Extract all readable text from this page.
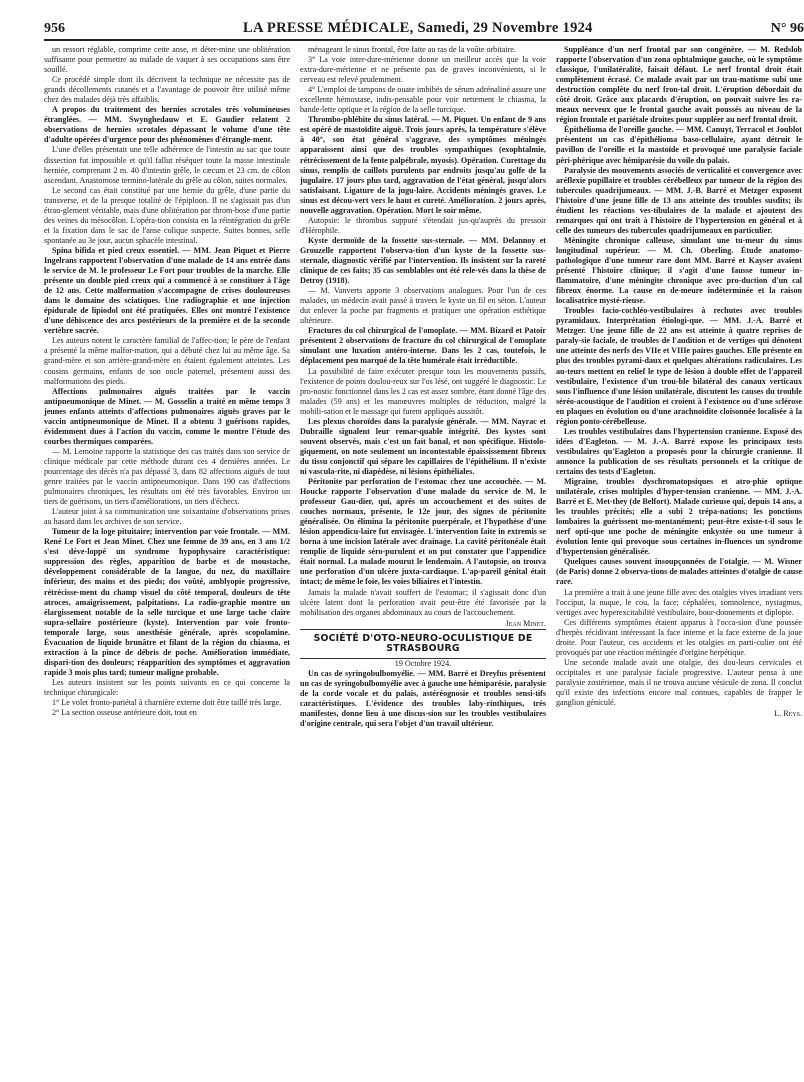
956	LA PRESSE MÉDICALE, Samedi, 29 Novembre 1924	N° 96

un ressort réglable, comprime cette anse, et déter-mine une oblitération suffisante pour permettre au malade de vaquer à ses occupations sans être souillé.

Ce procédé simple dont ils décrivent la technique ne nécessite pas de grands décollements cutanés et a l'avantage de pouvoir être utilisé même chez des malades déjà très affaiblis.

A propos du traitement des hernies scrotales très volumineuses étranglées. — MM. Swynghedauw et E. Gaudier relatent 2 observations de hernies scrotales dépassant le volume d'une tête d'adulte opérées d'urgence pour des phénomènes d'étrangle-ment.

L'une d'elles présentait une telle adhérence de l'intestin au sac que toute dissection fut impossible et qu'il fallut réséquer toute la masse intestinale herniée, comprenant 2 m. 40 d'intestin grêle, le cæcum et 23 cm. de côlon ascendant. Anastomose termino-latérale du grêle au côlon, suites normales.

Le second cas était constitué par une hernie du grêle, d'une partie du transverse, et de la presque totalité de l'épiploon. Il ne s'agissait pas d'un étran-glement véritable, mais d'une oblitération par throm-bose d'une partie des veines du mésocôlon. L'opéra-tion consista en la réintégration du grêle et la fixation dans le sac de l'anse colique suspecte. Suites bonnes, selle spontanée au 3e jour, aucun sphacèle intestinal.

Spina bifida et pied creux essentiel. — MM. Jean Piquet et Pierre Ingelrans rapportent l'observation d'une malade de 14 ans entrée dans le service de M. le professeur Le Fort pour troubles de la marche. Elle présente un double pied creux qui a commencé à se constituer à l'âge de 12 ans. Cette malformation s'accompagne de crises douloureuses dans le domaine des sciatiques. Une radiographie et une injection épidurale de lipiodol ont été pratiquées. Elles ont montré l'existence d'une déhiscence des arcs postérieurs de la première et de la seconde vertèbre sacrée.

Les auteurs notent le caractère familial de l'affec-tion; le père de l'enfant a présenté la même malfor-mation, qui a débuté chez lui au même âge. Sa grand-mère et son arrière-grand-mère en étaient également atteintes. Les cousins germains, enfants de son oncle paternel, présentent aussi des malformations des pieds.

Affections pulmonaires aiguës traitées par le vaccin antipneumonique de Minet. — M. Gosselin a traité en même temps 3 jeunes enfants atteints d'affections pulmonaires aiguës graves par le vaccin antipneumonique de Minet. Il a obtenu 3 guérisons rapides, évidemment dues à l'action du vaccin, comme le montre l'étude des courbes thermiques comparées.

— M. Lemoine rapporte la statistique des cas traités dans son service de clinique médicale par cette méthode durant ces 4 dernières années. Le pourcentage des décès n'a pas dépassé 3, dans 82 affections aiguës de tout genre traitées par le vaccin antipneumonique. Dans 190 cas d'affections pulmonaires chroniques, les résultats ont été très favorables. Environ un tiers de guérisons, un tiers d'améliorations, un tiers d'échecs.

L'auteur joint à sa communication une soixantaine d'observations prises au hasard dans les archives de son service.

Tumeur de la loge pituitaire; intervention par voie frontale. — MM. René Le Fort et Jean Minet. Chez une femme de 39 ans, en 3 ans 1/2 s'est déve-loppé un syndrome hypophysaire caractéristique: suppression des règles, apparition de barbe et de moustache, développement considérable de la langue, du nez, du maxillaire inférieur, des mains et des pieds; dos voûté, amblyopie progressive, rétrécisse-ment du champ visuel du côté temporal, douleurs de tête atroces, amaigrissement, palpitations. La radio-graphie montre un élargissement notable de la selle turcique et une large tache claire supra-sellaire postérieure (kyste). Intervention par voie fronto-temporale large, sous anesthésie générale, après scopolamine. Évacuation de liquide brunâtre et filant de la région du chiasma, et extraction à la pince de débris de poche. Amélioration immédiate, dispari-tion des douleurs; réapparition des symptômes et aggravation rapide 3 mois plus tard; tumeur maligne probable.

Les auteurs insistent sur les points suivants en ce qui concerne la technique chirurgicale:

1° Le volet fronto-pariétal à charnière externe doit être taillé très large.

2° La section osseuse antérieure doit, tout en

ménageant le sinus frontal, être faite au ras de la voûte orbitaire.

3° La voie inter-dure-mérienne donne un meilleur accès que la voie extra-dure-mérienne et ne présente pas de graves inconvénients, si le cerveau est relevé prudemment.

4° L'emploi de tampons de ouate imbibés de sérum adrénaliné assure une excellente hémostase, indis-pensable pour voir nettement le chiasma, la bande-lette optique et la région de la selle turcique.

Thrombo-phlébite du sinus latéral. — M. Piquet. Un enfant de 9 ans est opéré de mastoïdite aiguë. Trois jours après, la température s'élève à 40°, son état général s'aggrave, des symptômes méningés apparaissent ainsi que des troubles sympathiques (exophtalmie, rétrécissement de la fente palpébrale, myosis). Opération. Curettage du sinus, remplis de caillots purulents par endroits jusqu'au golfe de la jugulaire. 17 jours plus tard, aggravation de l'état général, jusqu'alors satisfaisant. Ligature de la jugu-laire. Accidents méningés graves. Le sinus est décou-vert vers le haut et cureté. Amélioration. 2 jours après, nouvelle aggravation. Opération. Mort le soir même.

Autopsie: le thrombus suppuré s'étendait jus-qu'auprès du pressoir d'Hérophile.

Kyste dermoïde de la fossette sus-sternale. — MM. Delannoy et Grouzelle rapportent l'observa-tion d'un kyste de la fossette sus-sternale, diagnostic vérifié par l'intervention. Ils insistent sur la rareté clinique de ces faits; 35 cas semblables ont été rele-vés dans la thèse de Detroy (1918).

— M. Vanverts apporte 3 observations analogues. Pour l'un de ces malades, un médecin avait passé à travers le kyste un fil en séton. L'auteur dut enlever la poche par fragments et pratiquer une opération esthétique ultérieure.

Fractures du col chirurgical de l'omoplate. — MM. Bizard et Patoir présentent 2 observations de fracture du col chirurgical de l'omoplate simulant une luxation antéro-interne. Dans les 2 cas, toutefois, le déplacement peu marqué de la tête humérale était irréductible.

La possibilité de faire exécuter presque tous les mouvements passifs, l'existence de points doulou-reux sur l'os lésé, ont suggéré le diagnostic. Le pro-nostic fonctionnel dans les 2 cas est assez sombre, étant donné l'âge des malades (59 ans) et les manœuvres multiples de réduction, malgré la mobili-sation et le massage qui furent appliqués aussitôt.

Les plexus choroïdes dans la paralysie générale. — MM. Nayrac et Dubraille signalent leur remar-quable intégrité. Des kystes sont souvent observés, mais c'est un fait banal, et non spécifique. Histolo-giquement, on note seulement un incontestable épaississement fibreux du tissu conjonctif qui sépare les capillaires de l'épithélium. Il n'existe ni vascula-rite, ni diapédèse, ni lésions épithéliales.

Péritonite par perforation de l'estomac chez une accouchée. — M. Houcke rapporte l'observation d'une malade du service de M. le professeur Gau-dier, qui, après un accouchement et des suites de couches normaux, présente, le 12e jour, des signes de péritonite généralisée. On élimina la péritonite puerpérale, et l'hypothèse d'une lésion appendicu-laire fut envisagée. L'intervention faite in extremis se borna à une incision latérale avec drainage. La cavité péritonéale était remplie de liquide séro-purulent et on put constater que l'appendice était normal. La malade mourut le lendemain. A l'autopsie, on trouva une perforation d'un ulcère juxta-cardiaque. L'ap-pareil génital était intact; de même le foie, les voies biliaires et l'intestin.

Jamais la malade n'avait souffert de l'estomac; il s'agissait donc d'un ulcère latent dont la perforation avait peut-être été favorisée par la mobilisation des organes abdominaux au cours de l'accouchement.

Jean Minet.

SOCIÉTÉ D'OTO-NEURO-OCULISTIQUE DE STRASBOURG

19 Octobre 1924.

Un cas de syringobulbomyélie. — MM. Barré et Dreyfus présentent un cas de syringobulbomyélie avec à gauche une hémiparésie, paralysie de la corde vocale et du palais, astéréognosie et troubles sensi-tifs caractéristiques. L'évidence des troubles laby-rinthiques, très manifestes, donne lieu à une discus-sion sur les troubles vestibulaires d'origine centrale, qui sera l'objet d'un travail ultérieur.

Suppléance d'un nerf frontal par son congénère. — M. Redslob rapporte l'observation d'un zona ophtalmique gauche, où le symptôme classique, l'unilatéralité, faisait défaut. Le nerf frontal droit était complètement écrasé. Ce malade avait par un trau-matisme subi une destruction complète du nerf fron-tal droit. L'éruption débordait du côté droit. Grâce aux placards d'éruption, on pouvait suivre les ra-meaux nerveux que le frontal gauche avait poussés au niveau de la région frontale et pariétale droites pour suppléer au nerf frontal droit.

Épithélioma de l'oreille gauche. — MM. Canuyt, Terracol et Joublot présentent un cas d'épithélioma baso-cellulaire, ayant détruit le pavillon de l'oreille et la mastoïde et provoqué une paralysie faciale péri-phérique avec hémiparésie du voile du palais.

Paralysie des mouvements associés de verticalité et convergence avec aréflexie pupillaire et troubles cérébelleux par tumeur de la région des tubercules quadrijumeaux. — MM. J.-B. Barré et Metzger exposent l'histoire d'une jeune fille de 13 ans atteinte des troubles susdits; ils étudient les réactions ves-tibulaires de la malade et ajoutent des remarques qui ont trait à l'histoire de l'hypertension en général et à celle des tumeurs des tubercules quadrijumeaux en particulier.

Méningite chronique calleuse, simulant une tu-meur du sinus longitudinal supérieur. — M. Ch. Oberling. Étude anatomo-pathologique d'une tumeur rare dont MM. Barré et Kayser avaient présenté l'histoire clinique; il s'agit d'une fausse tumeur in-flammatoire, d'une méningite chronique avec pro-duction d'un cal fibreux énorme. La cause en de-meure indéterminée et la raison localisatrice mysté-rieuse.

Troubles facio-cochléo-vestibulaires à rechutes avec troubles pyramidaux. Interprétation étiologi-que. — MM. J.-A. Barré et Metzger. Une jeune fille de 22 ans est atteinte à quatre reprises de paraly-sie faciale, de troubles de l'audition et de vertiges qui dénotent une atteinte des nerfs des VIIe et VIIIe paires gauches. Elle présente en plus des troubles pyrami-daux et quelques altérations radiculaires. Les au-teurs mettent en relief le type de lésion à double effet de l'appareil vestibulaire, l'existence d'un trou-ble bilatéral des canaux verticaux sous l'influence d'une lésion unilatérale, discutent les causes du trouble séréo-acoustique de l'audition et croient à l'existence ou d'une sclérose en plaques en évolution ou d'une arachnoïdite cloisonnée localisée à la région ponto-cérébelleuse.

Les troubles vestibulaires dans l'hypertension cranienne. Exposé des idées d'Eagleton. — M. J.-A. Barré expose les principaux tests vestibulaires qu'Eagleton a proposés pour la chirurgie cranienne. Il annonce la publication de ses résultats personnels et la critique de certains des tests d'Eagleton.

Migraine, troubles dyschromatopsiques et atro-phie optique unilatérale, crises multiples d'hyper-tension cranienne. — MM. J.-A. Barré et E. Met-they (de Belfort). Malade curieuse qui, depuis 14 ans, a les troubles précités; elle a subi 2 trépa-nations; les ponctions lombaires la guérissent mo-mentanément; peut-être existe-t-il sous le nerf opti-que une poche de méningite enkystée ou une tumeur à évolution lente qui provoque sous certaines in-fluences un syndrome d'hypertension généralisée.

Quelques causes souvent insoupçonnées de l'otalgie. — M. Wisner (de Paris) donne 2 observa-tions de malades atteintes d'otalgie de cause rare.

La première a trait à une jeune fille avec des otalgies vives irradiant vers l'occiput, la nuque, le cou, la face; céphalées, somnolence, nystagmus, vertiges avec hyperexcitabilité vestibulaire, bour-donnements et diplopie.

Ces différents symptômes étaient apparus à l'occa-sion d'une poussée d'herpès récidivant intéressant la face interne et la face externe de la joue droite. Pour l'auteur, ces accidents et les otalgies en parti-culier ont été provoqués par une réaction méningée d'origine herpétique.

Une seconde malade avait une otalgie, des dou-leurs cervicales et occipitales et une paralysie faciale progressive. L'auteur pensa à une paralysie zostérienne, mais il ne trouva aucune vésicule de zona. Il conclut qu'il existe des infections encore mal connues, capables de frapper le ganglion géniculé.

L. Reys.
